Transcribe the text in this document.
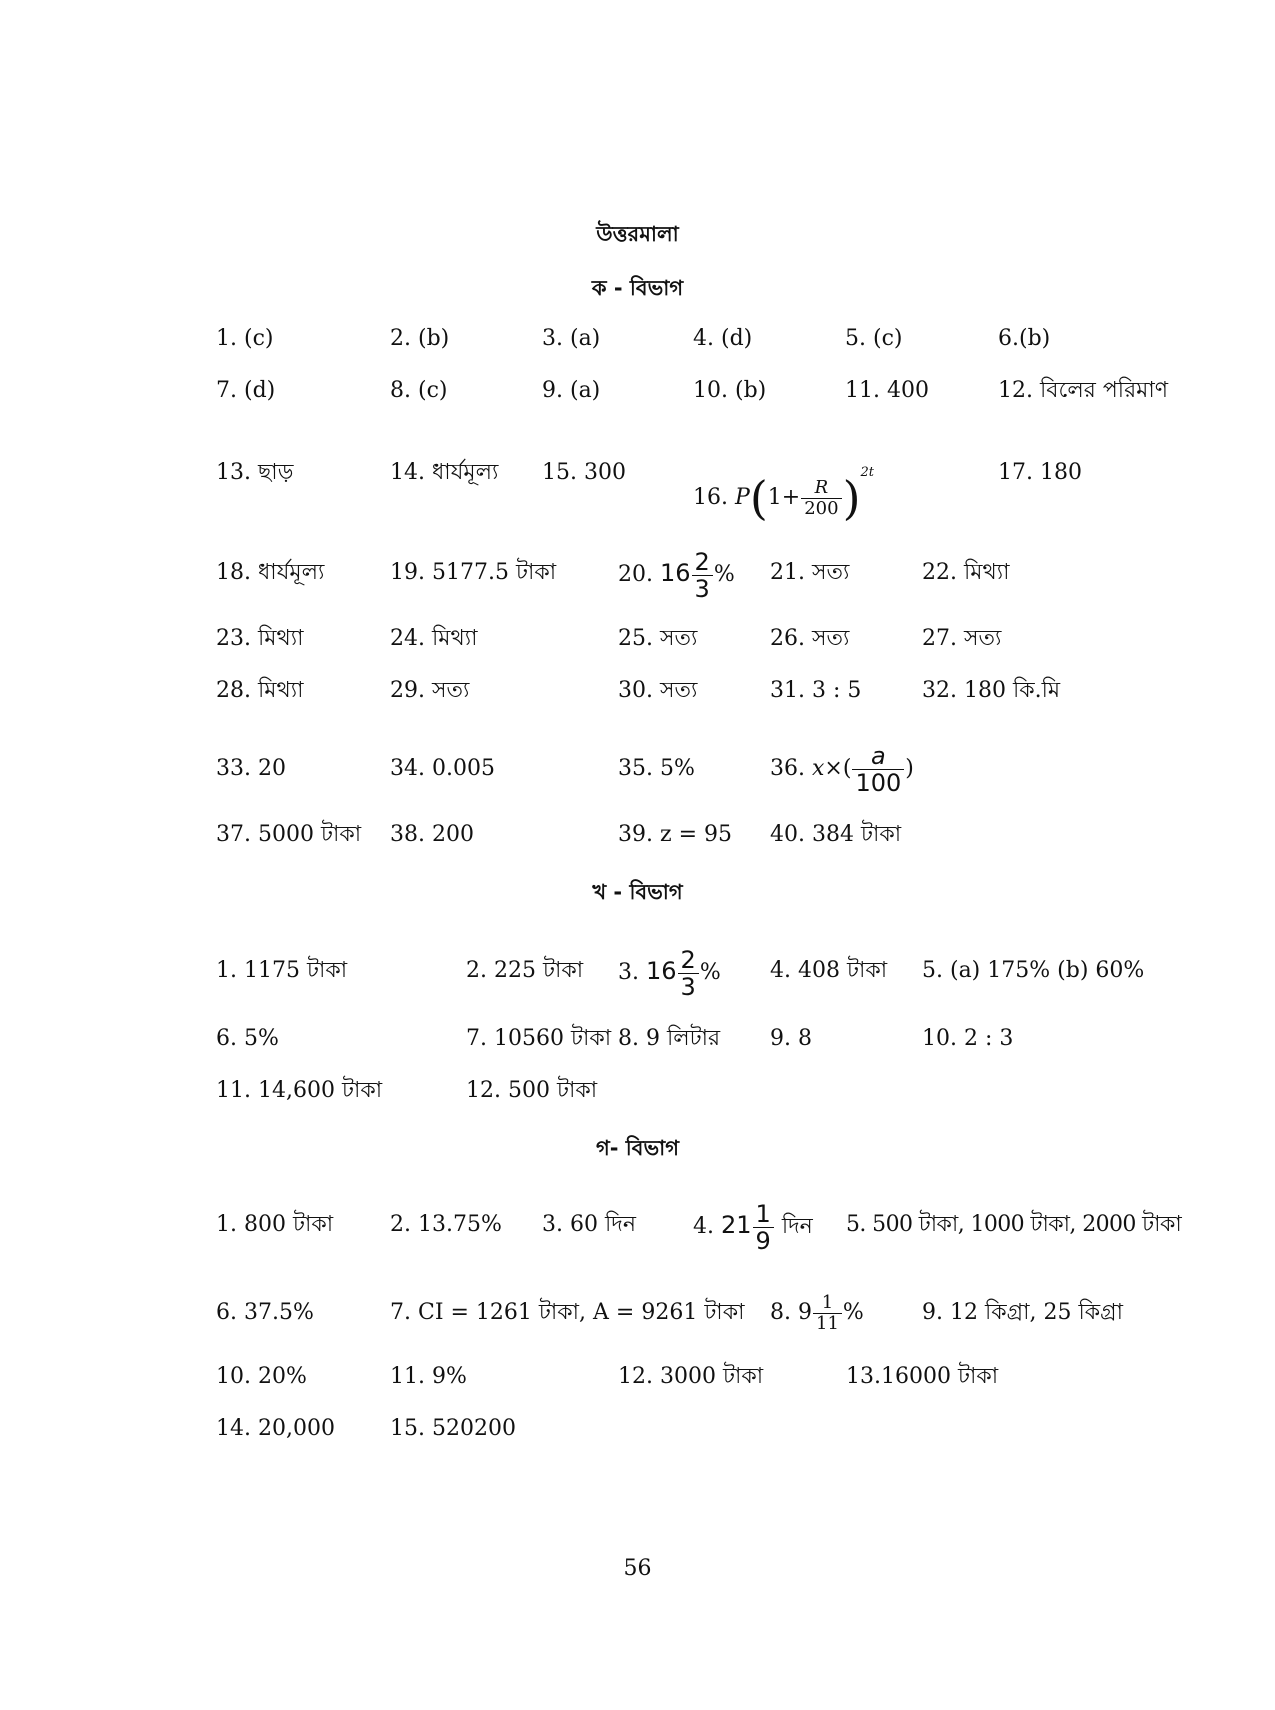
উত্তরমালা
ক - বিভাগ
1. (c)	2. (b)	3. (a)	4. (d)	5. (c)	6.(b)
7. (d)	8. (c)	9. (a)	10. (b)	11. 400	12. বিলের পরিমাণ
13. ছাড়	14. ধার্যমূল্য 15. 300
16. $P(1+ \frac{R}{200} )^{2t}$	17. 180
18. ধার্যমূল্য	19. 5177.5 টাকা	20. $16 \frac{2}{3}$ % 21. সত্য	22. মিথ্যা
23. মিথ্যা	24. মিথ্যা	25. সত্য	26. সত্য	27. সত্য
28. মিথ্যা	29. সত্য	30. সত্য	31. 3 : 5	32. 180 কি.মি
33. 20	34. 0.005	35. 5%	36. $x\times( \frac{a}{100}$ )
37. 5000 টাকা 38. 200	39. z = 95 40. 384 টাকা
খ - বিভাগ
1. 1175 টাকা	2. 225 টাকা 3. $16 \frac{2}{3}$ % 4. 408 টাকা 5. (a) 175% (b) 60%
6. 5%	7. 10560 টাকা 8. 9 লিটার 9. 8	10. 2 : 3
11. 14,600 টাকা	12. 500 টাকা
গ- বিভাগ
1. 800 টাকা	2. 13.75% 3. 60 দিন	4. $21 \frac{1}{9}$ দিন 5. 500 টাকা, 1000 টাকা, 2000 টাকা
6. 37.5%	7. CI = 1261 টাকা, A = 9261 টাকা 8. $9 \frac{1}{11}$ %	9. 12 কিগ্রা, 25 কিগ্রা
10. 20%	11. 9%	12. 3000 টাকা	13.16000 টাকা
14. 20,000	15. 520200
56
